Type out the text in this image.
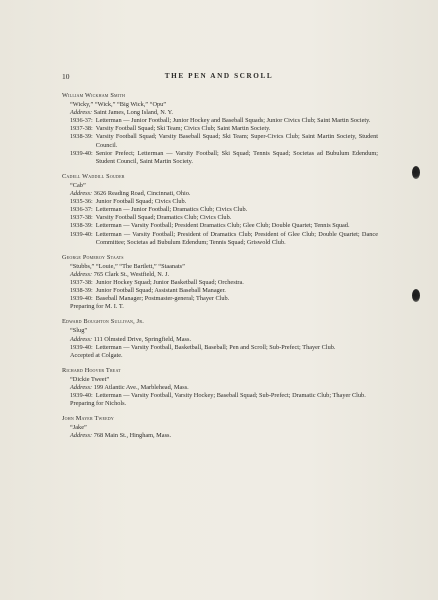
10	THE PEN AND SCROLL
William Wickham Smith
“Wicky,” “Wick,” “Big Wick,” “Opu”
Address: Saint James, Long Island, N. Y.
1936-37: Letterman — Junior Football; Junior Hockey and Baseball Squads; Junior Civics Club; Saint Martin Society.
1937-38: Varsity Football Squad; Ski Team; Civics Club; Saint Martin Society.
1938-39: Varsity Football Squad; Varsity Baseball Squad; Ski Team; Super-Civics Club; Saint Martin Society, Student Council.
1939-40: Senior Prefect; Letterman — Varsity Football; Ski Squad; Tennis Squad; Societas ad Bubulum Edendum; Student Council, Saint Martin Society.
Cadell Waddill Souder
“Cab”
Address: 3626 Reading Road, Cincinnati, Ohio.
1935-36: Junior Football Squad; Civics Club.
1936-37: Letterman — Junior Football; Dramatics Club; Civics Club.
1937-38: Varsity Football Squad; Dramatics Club; Civics Club.
1938-39: Letterman — Varsity Football; President Dramatics Club; Glee Club; Double Quartet; Tennis Squad.
1939-40: Letterman — Varsity Football; President of Dramatics Club; President of Glee Club; Double Quartet; Dance Committee; Societas ad Bubulum Edendum; Tennis Squad; Griswold Club.
George Pomeroy Staats
“Stubbs,” “Louie,” “The Bartlett,” “Staanats”
Address: 765 Clark St., Westfield, N. J.
1937-38: Junior Hockey Squad; Junior Basketball Squad; Orchestra.
1938-39: Junior Football Squad; Assistant Baseball Manager.
1939-40: Baseball Manager; Postmaster-general; Thayer Club.
Preparing for M. I. T.
Edward Boughton Sullivan, Jr.
“Slug”
Address: 111 Olmsted Drive, Springfield, Mass.
1939-40: Letterman — Varsity Football, Basketball, Baseball; Pen and Scroll; Sub-Prefect; Thayer Club.
Accepted at Colgate.
Richard Hoover Treat
“Dickie Tweet”
Address: 199 Atlantic Ave., Marblehead, Mass.
1939-40: Letterman — Varsity Football, Varsity Hockey; Baseball Squad; Sub-Prefect; Dramatic Club; Thayer Club.
Preparing for Nichols.
John Mayer Tweedy
“Jake”
Address: 768 Main St., Hingham, Mass.
